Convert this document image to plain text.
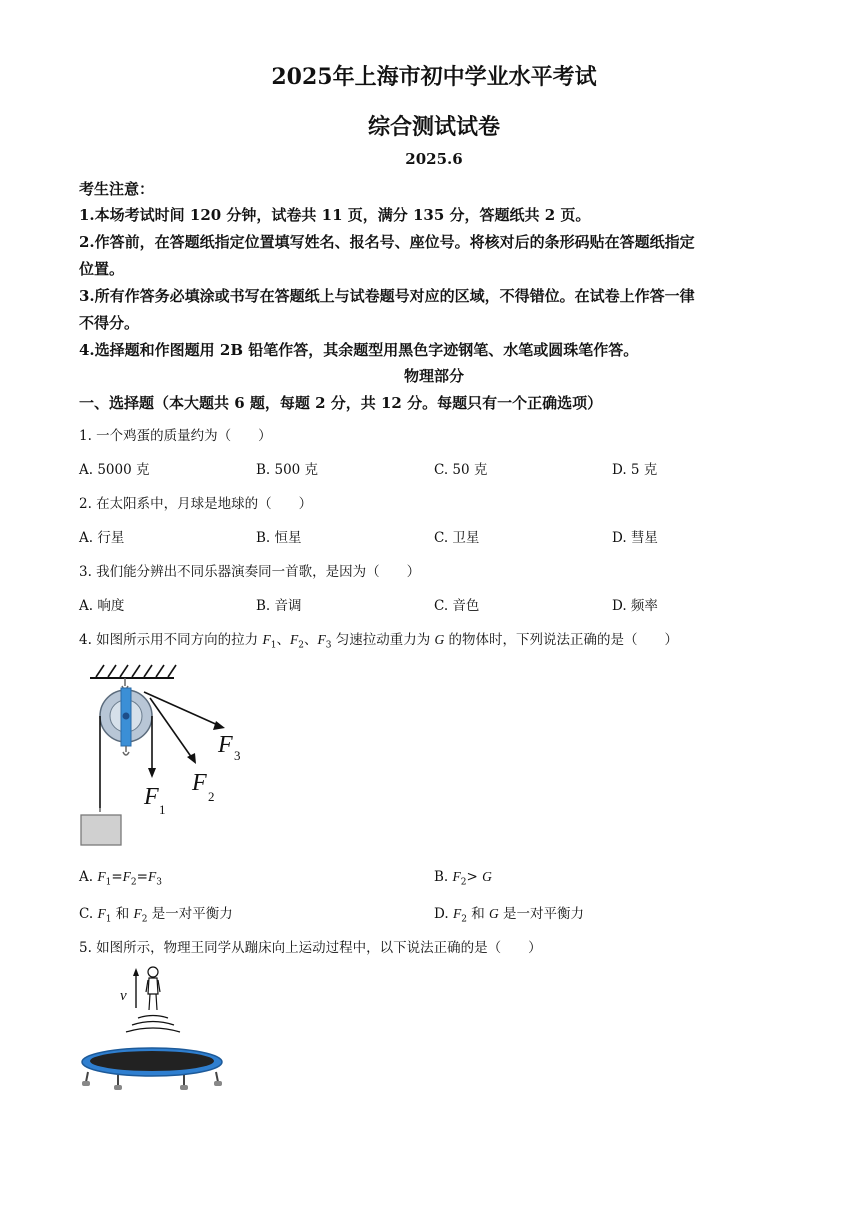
2025年上海市初中学业水平考试
综合测试试卷
2025.6
考生注意：
1.本场考试时间 120 分钟，试卷共 11 页，满分 135 分，答题纸共 2 页。
2.作答前，在答题纸指定位置填写姓名、报名号、座位号。将核对后的条形码贴在答题纸指定
位置。
3.所有作答务必填涂或书写在答题纸上与试卷题号对应的区域，不得错位。在试卷上作答一律
不得分。
4.选择题和作图题用 2B 铅笔作答，其余题型用黑色字迹钢笔、水笔或圆珠笔作答。
物理部分
一、选择题（本大题共 6 题，每题 2 分，共 12 分。每题只有一个正确选项）
1. 一个鸡蛋的质量约为（　　）
A. 5000 克	B. 500 克	C. 50 克	D. 5 克
2. 在太阳系中，月球是地球的（　　）
A. 行星	B. 恒星	C. 卫星	D. 彗星
3. 我们能分辨出不同乐器演奏同一首歌，是因为（　　）
A. 响度	B. 音调	C. 音色	D. 频率
4. 如图所示用不同方向的拉力 $F_1$、$F_2$、$F_3$ 匀速拉动重力为 G 的物体时，下列说法正确的是（　　）
F 3
F
2
F 1
A. $F_1=F_2=F_3$	B. $F_2> G$
C. $F_1$ 和 $F_2$ 是一对平衡力	D. $F_2$ 和 G 是一对平衡力
5. 如图所示，物理王同学从蹦床向上运动过程中，以下说法正确的是（　　）
v
